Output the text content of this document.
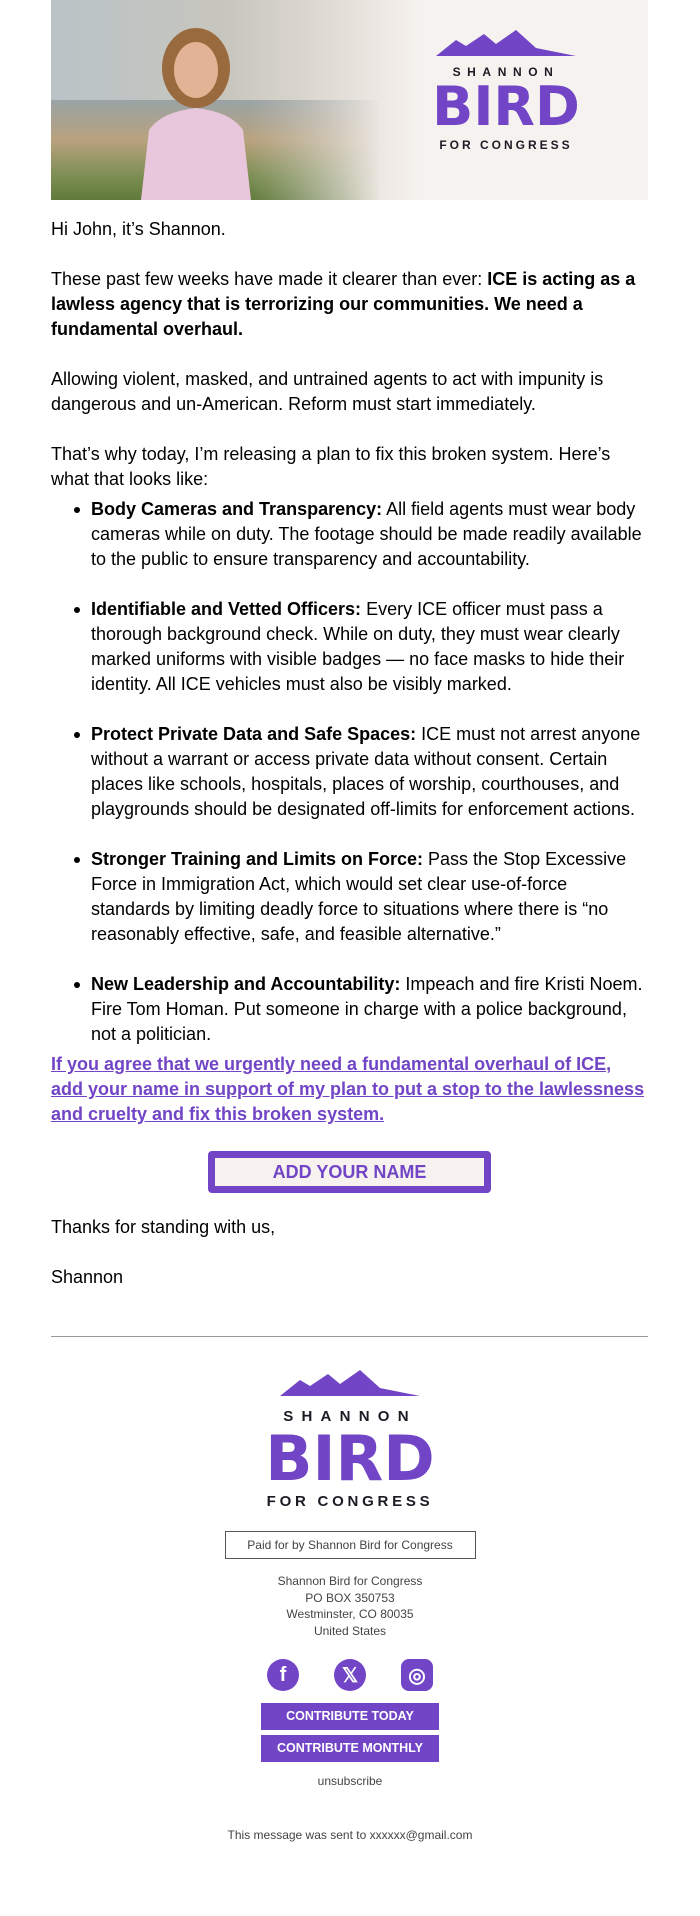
SHANNON
BIRD
FOR CONGRESS

Hi John, it’s Shannon.

These past few weeks have made it clearer than ever: ICE is acting as a lawless agency that is terrorizing our communities. We need a fundamental overhaul.

Allowing violent, masked, and untrained agents to act with impunity is dangerous and un-American. Reform must start immediately.

That’s why today, I’m releasing a plan to fix this broken system. Here’s what that looks like:

Body Cameras and Transparency: All field agents must wear body cameras while on duty. The footage should be made readily available to the public to ensure transparency and accountability.
Identifiable and Vetted Officers: Every ICE officer must pass a thorough background check. While on duty, they must wear clearly marked uniforms with visible badges — no face masks to hide their identity. All ICE vehicles must also be visibly marked.
Protect Private Data and Safe Spaces: ICE must not arrest anyone without a warrant or access private data without consent. Certain places like schools, hospitals, places of worship, courthouses, and playgrounds should be designated off-limits for enforcement actions.
Stronger Training and Limits on Force: Pass the Stop Excessive Force in Immigration Act, which would set clear use-of-force standards by limiting deadly force to situations where there is “no reasonably effective, safe, and feasible alternative.”
New Leadership and Accountability: Impeach and fire Kristi Noem. Fire Tom Homan. Put someone in charge with a police background, not a politician.
If you agree that we urgently need a fundamental overhaul of ICE, add your name in support of my plan to put a stop to the lawlessness and cruelty and fix this broken system.
ADD YOUR NAME

Thanks for standing with us,

Shannon

SHANNON
BIRD
FOR CONGRESS
Paid for by Shannon Bird for Congress
Shannon Bird for Congress
PO BOX 350753
Westminster, CO 80035
United States
f	𝕏	◎
CONTRIBUTE TODAY
CONTRIBUTE MONTHLY
unsubscribe
This message was sent to xxxxxx@gmail.com
